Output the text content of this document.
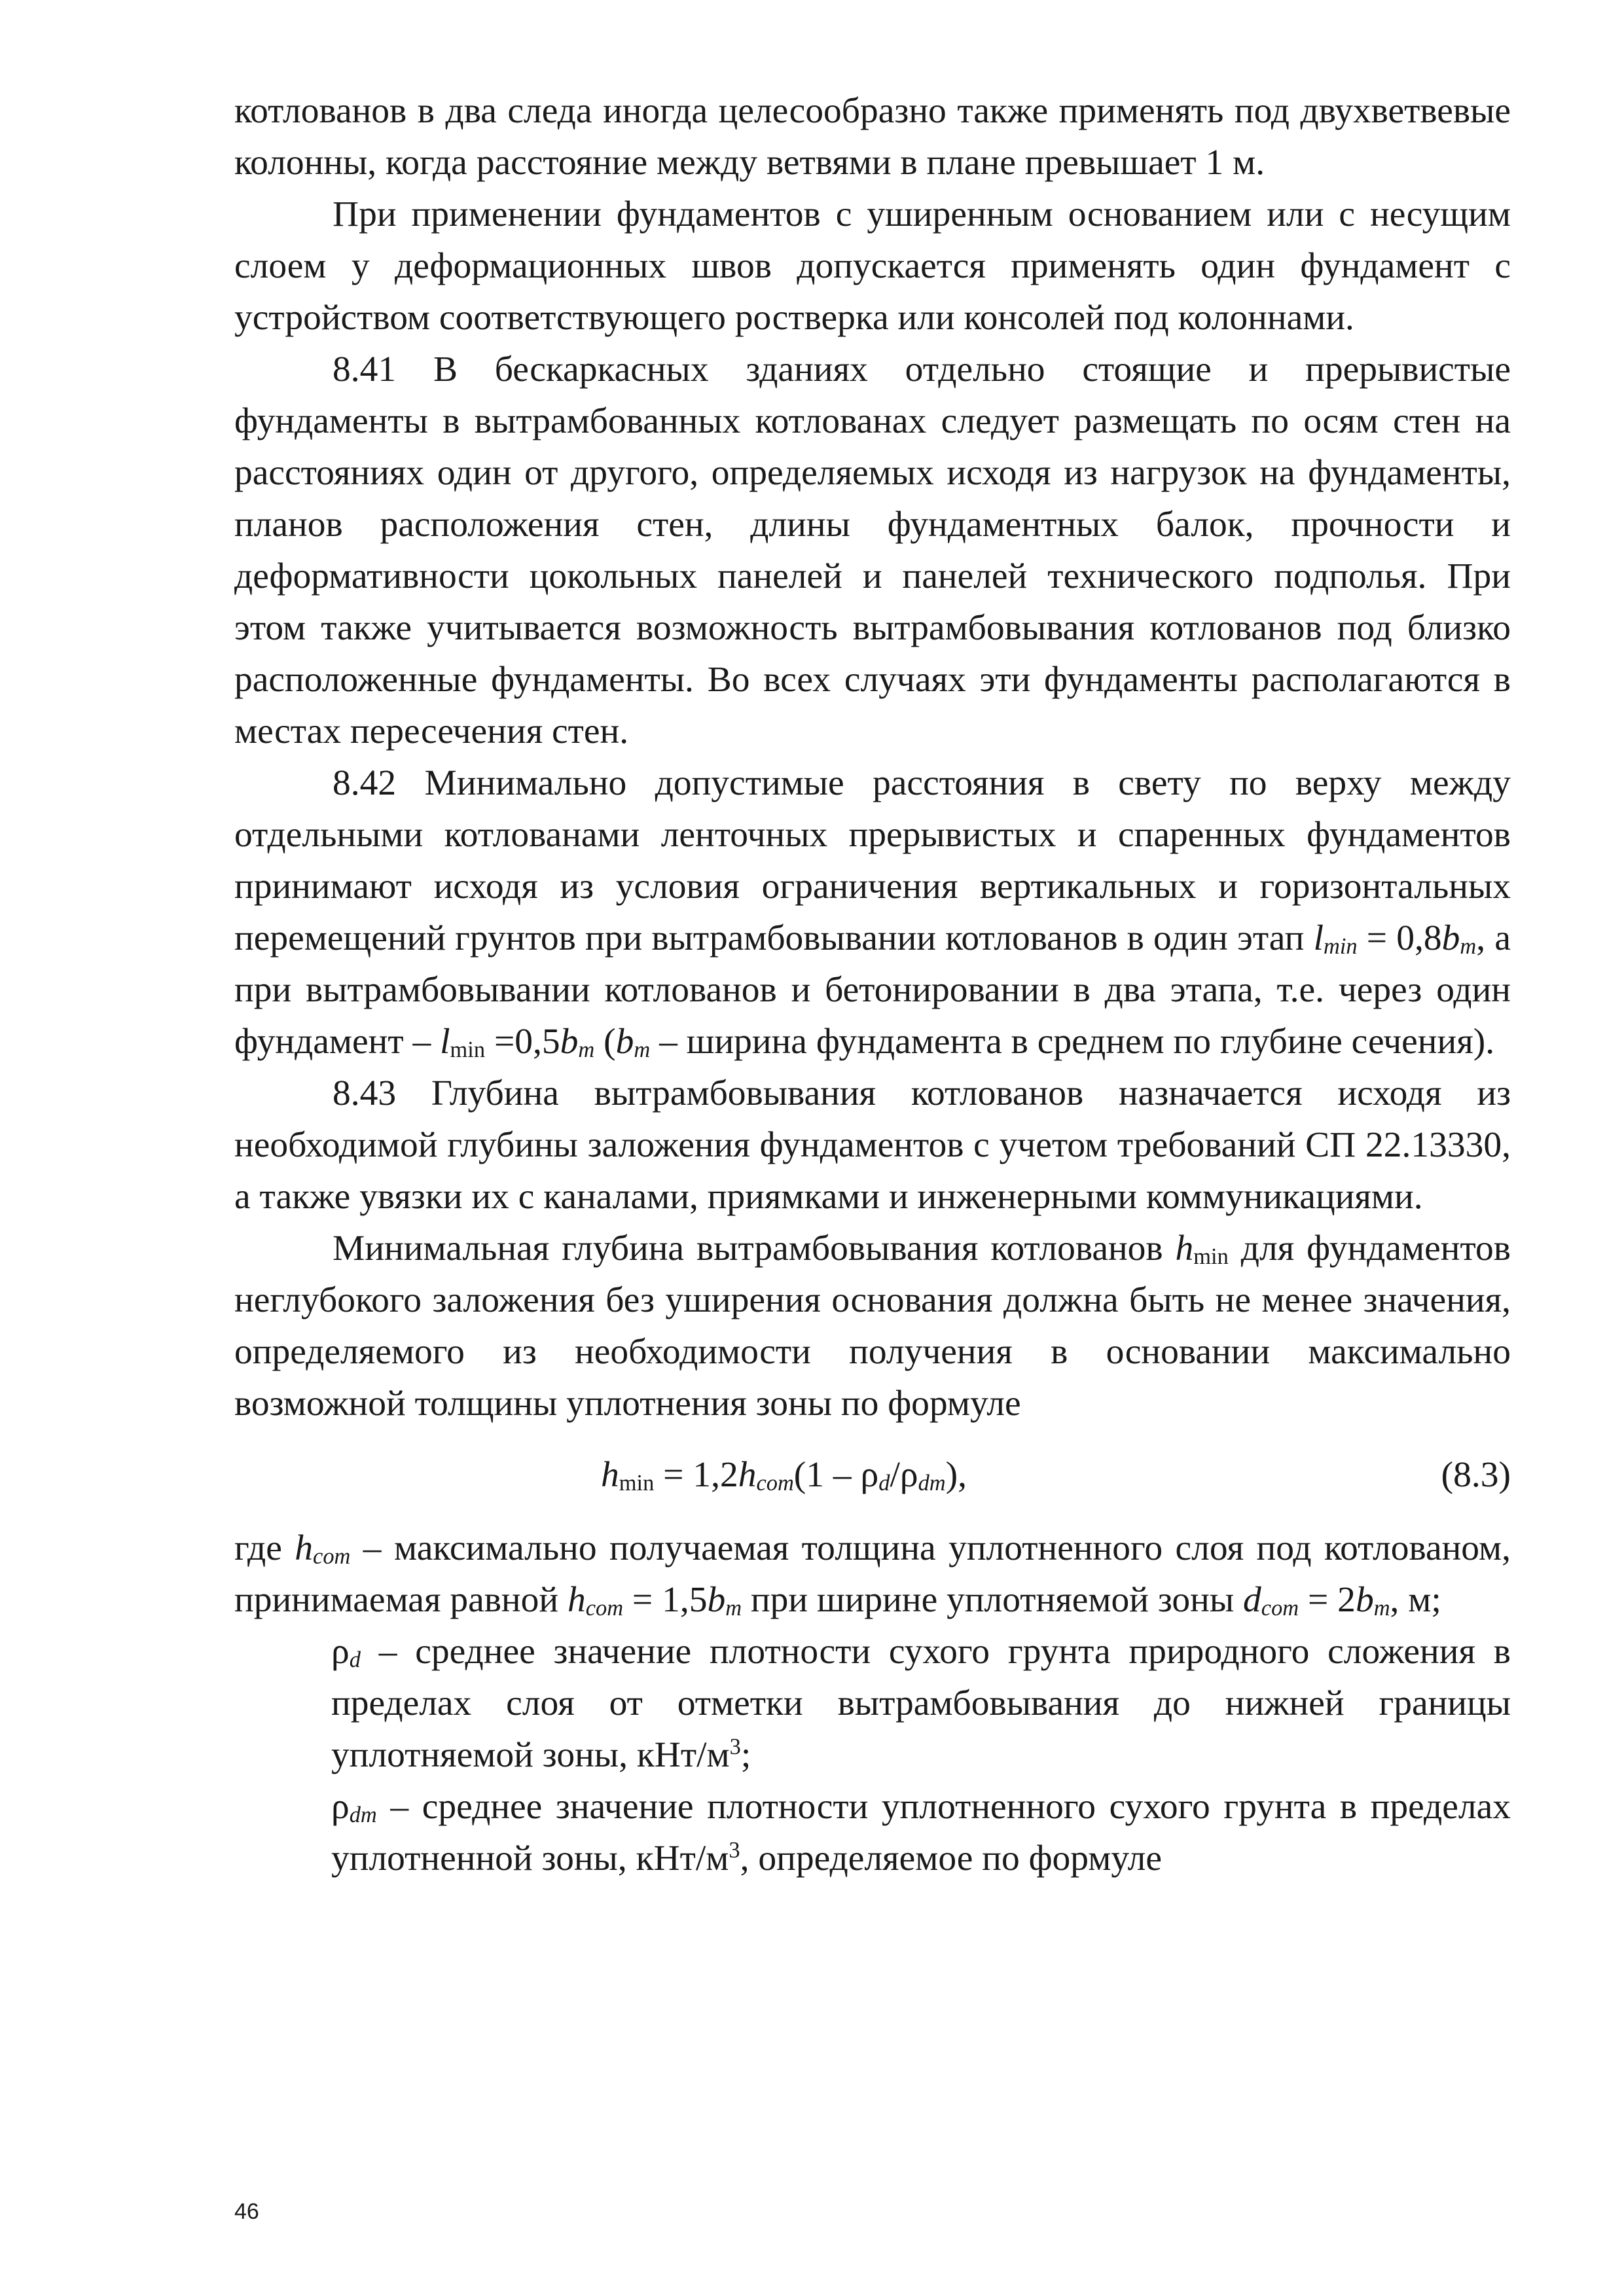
котлованов в два следа иногда целесообразно также применять под двухветвевые колонны, когда расстояние между ветвями в плане превышает 1 м.

При применении фундаментов с уширенным основанием или с несущим слоем у деформационных швов допускается применять один фундамент с устройством соответствующего ростверка или консолей под колоннами.

8.41 В бескаркасных зданиях отдельно стоящие и прерывистые фундаменты в вытрамбованных котлованах следует размещать по осям стен на расстояниях один от другого, определяемых исходя из нагрузок на фундаменты, планов расположения стен, длины фундаментных балок, прочности и деформативности цокольных панелей и панелей технического подполья. При этом также учитывается возможность вытрамбовывания котлованов под близко расположенные фундаменты. Во всех случаях эти фундаменты располагаются в местах пересечения стен.

8.42 Минимально допустимые расстояния в свету по верху между отдельными котлованами ленточных прерывистых и спаренных фундаментов принимают исходя из условия ограничения вертикальных и горизонтальных перемещений грунтов при вытрамбовывании котлованов в один этап $l_{min} = 0,8b_m$, а при вытрамбовывании котлованов и бетонировании в два этапа, т.е. через один фундамент – $l_{min} =0,5b_m$ ($b_m$ – ширина фундамента в среднем по глубине сечения).

8.43 Глубина вытрамбовывания котлованов назначается исходя из необходимой глубины заложения фундаментов с учетом требований СП 22.13330, а также увязки их с каналами, приямками и инженерными коммуникациями.

Минимальная глубина вытрамбовывания котлованов $h_{min}$ для фундаментов неглубокого заложения без уширения основания должна быть не менее значения, определяемого из необходимости получения в основании максимально возможной толщины уплотнения зоны по формуле

$h_{min} = 1,2h_{com}(1 - \rho_d/\rho_{dm})$,	(8.3)

где $h_{com}$ – максимально получаемая толщина уплотненного слоя под котлованом, принимаемая равной $h_{com} = 1,5b_m$ при ширине уплотняемой зоны $d_{com} = 2b_m$, м;

$\rho_d$ – среднее значение плотности сухого грунта природного сложения в пределах слоя от отметки вытрамбовывания до нижней границы уплотняемой зоны, кНт/$м^3$;

$\rho_{dm}$ – среднее значение плотности уплотненного сухого грунта в пределах уплотненной зоны, кНт/$м^3$, определяемое по формуле

46
